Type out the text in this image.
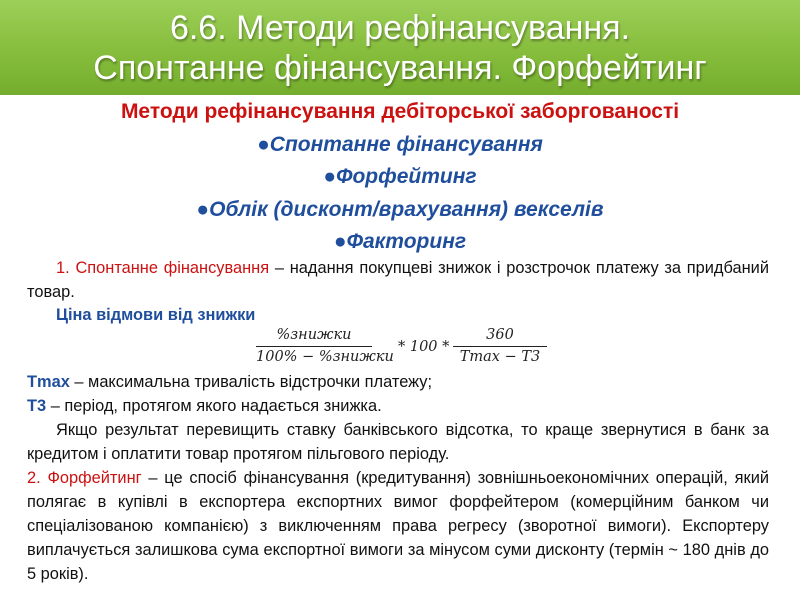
6.6. Методи рефінансування.
Спонтанне фінансування. Форфейтинг
Методи рефінансування дебіторської заборгованості
●Спонтанне фінансування
●Форфейтинг
●Облік (дисконт/врахування) векселів
●Факторинг
1. Спонтанне фінансування – надання покупцеві знижок і розстрочок платежу за придбаний товар.
Ціна відмови від знижки
%знижки
100% − %знижки
* 100 *
360
Tmax − T3
Tmax – максимальна тривалість відстрочки платежу;
T3 – період, протягом якого надається знижка.
Якщо результат перевищить ставку банківського відсотка, то краще звернутися в банк за кредитом і оплатити товар протягом пільгового періоду.
2. Форфейтинг – це спосіб фінансування (кредитування) зовнішньоекономічних операцій, який полягає в купівлі в експортера експортних вимог форфейтером (комерційним банком чи спеціалізованою компанією) з виключенням права регресу (зворотної вимоги). Експортеру виплачується залишкова сума експортної вимоги за мінусом суми дисконту (термін ~ 180 днів до 5 років).
